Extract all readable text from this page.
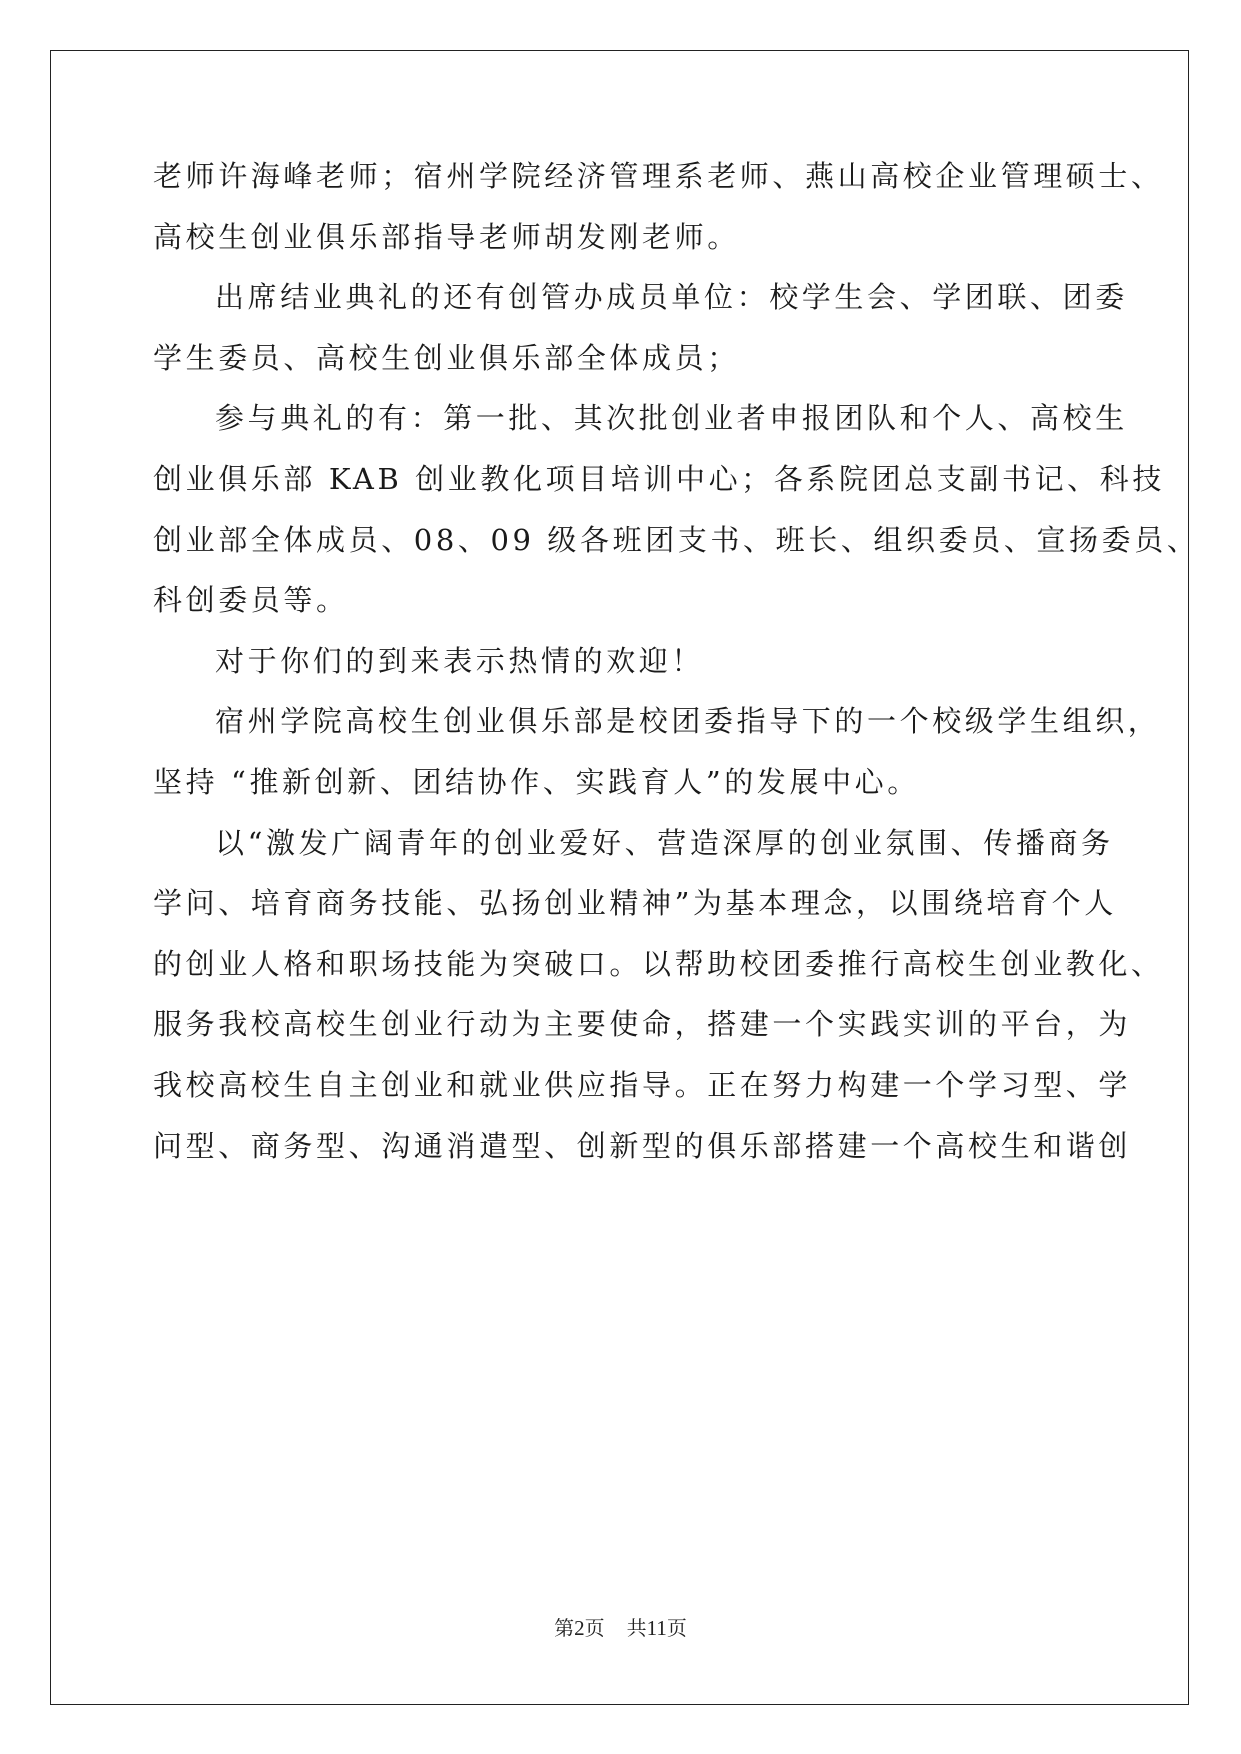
老师许海峰老师；宿州学院经济管理系老师、燕山高校企业管理硕士、
高校生创业俱乐部指导老师胡发刚老师。
出席结业典礼的还有创管办成员单位：校学生会、学团联、团委
学生委员、高校生创业俱乐部全体成员；
参与典礼的有：第一批、其次批创业者申报团队和个人、高校生
创业俱乐部 KAB 创业教化项目培训中心；各系院团总支副书记、科技
创业部全体成员、08、09 级各班团支书、班长、组织委员、宣扬委员、
科创委员等。
对于你们的到来表示热情的欢迎！
宿州学院高校生创业俱乐部是校团委指导下的一个校级学生组织，
坚持 “推新创新、团结协作、实践育人”的发展中心。
以“激发广阔青年的创业爱好、营造深厚的创业氛围、传播商务
学问、培育商务技能、弘扬创业精神”为基本理念，以围绕培育个人
的创业人格和职场技能为突破口。以帮助校团委推行高校生创业教化、
服务我校高校生创业行动为主要使命，搭建一个实践实训的平台，为
我校高校生自主创业和就业供应指导。正在努力构建一个学习型、学
问型、商务型、沟通消遣型、创新型的俱乐部搭建一个高校生和谐创
第2页 共11页
